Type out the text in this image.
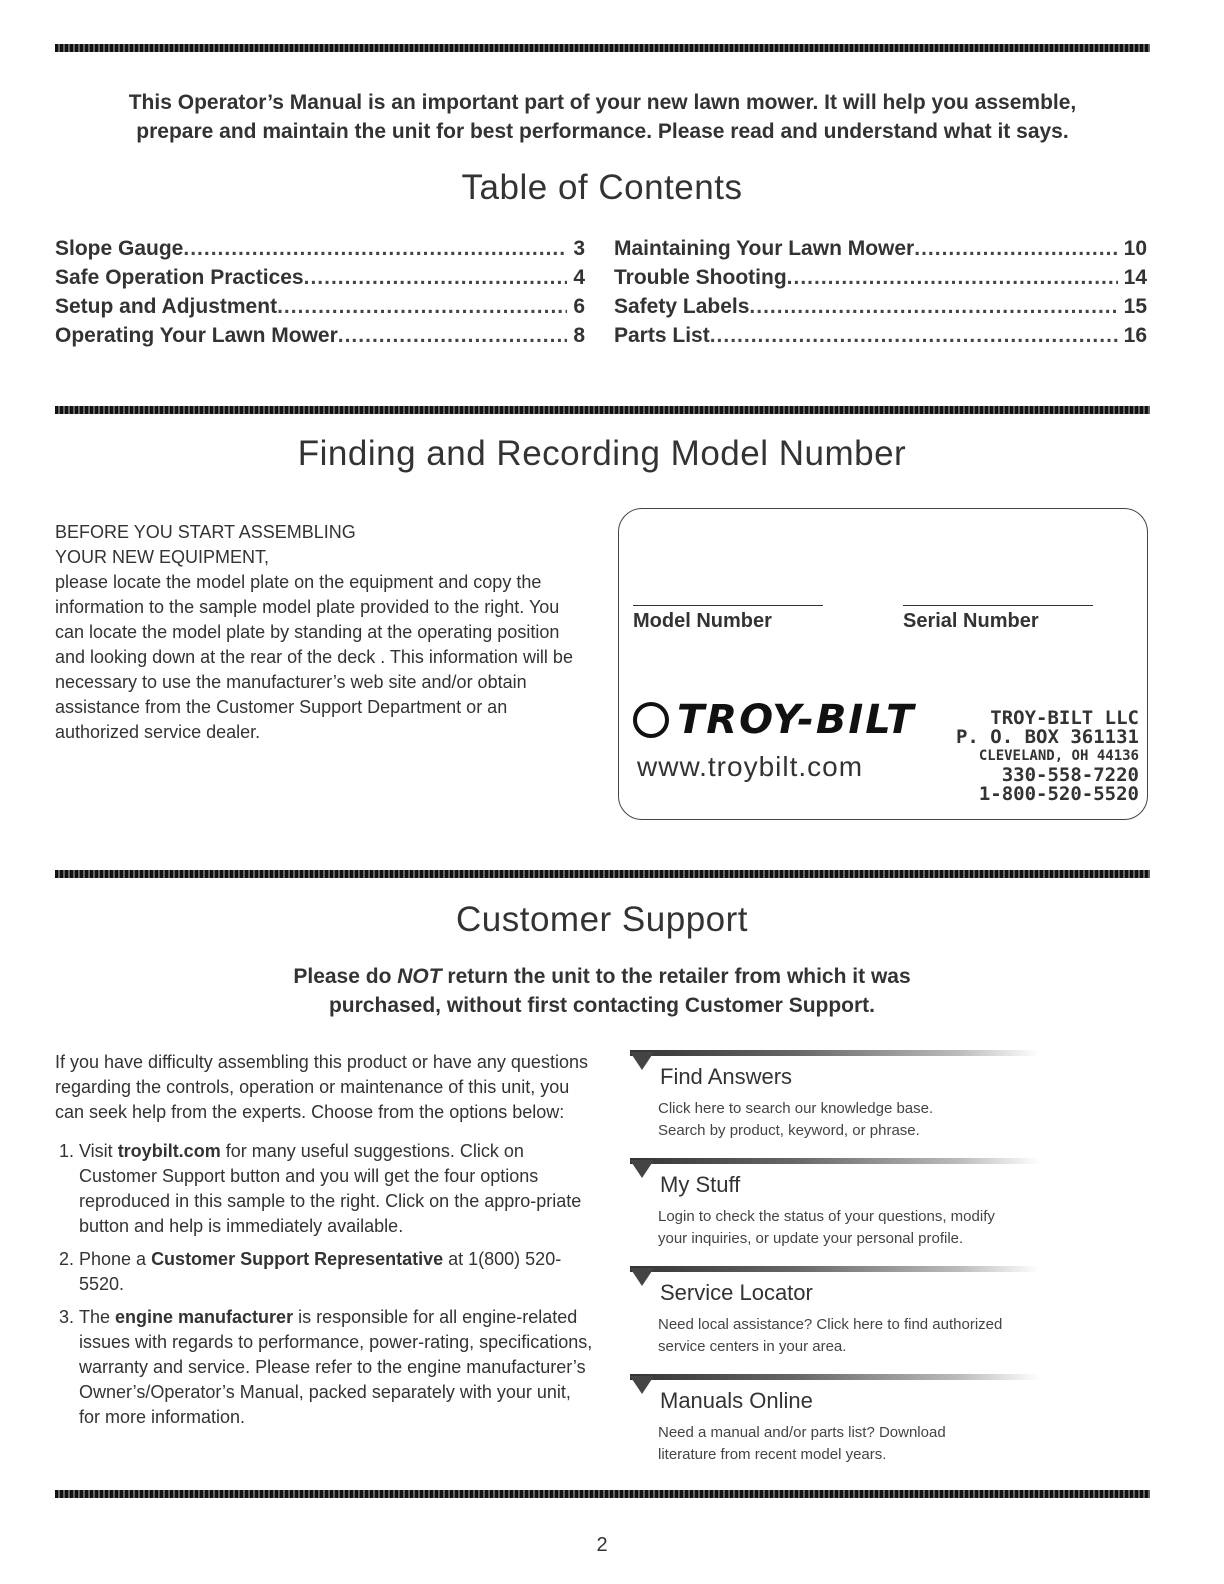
This Operator’s Manual is an important part of your new lawn mower. It will help you assemble,
prepare and maintain the unit for best performance. Please read and understand what it says.
Table of Contents
Slope Gauge .....	3
Safe Operation Practices .....	4
Setup and Adjustment .....	6
Operating Your Lawn Mower .....	8
Maintaining Your Lawn Mower .....	10
Trouble Shooting .....	14
Safety Labels .....	15
Parts List .....	16
Finding and Recording Model Number
BEFORE YOU START ASSEMBLING
YOUR NEW EQUIPMENT,
please locate the model plate on the equipment and copy the information to the sample model plate provided to the right. You can locate the model plate by standing at the operating position and looking down at the rear of the deck . This information will be necessary to use the manufacturer’s web site and/or obtain assistance from the Customer Support Department or an authorized service dealer.
Model Number	Serial Number
TROY-BILT
www.troybilt.com
TROY-BILT LLC
P. O. BOX 361131
CLEVELAND, OH 44136
330-558-7220
1-800-520-5520
Customer Support
Please do NOT return the unit to the retailer from which it was
purchased, without first contacting Customer Support.

If you have difficulty assembling this product or have any questions regarding the controls, operation or maintenance of this unit, you can seek help from the experts. Choose from the options below:

1. Visit troybilt.com for many useful suggestions. Click on Customer Support button and you will get the four options reproduced in this sample to the right. Click on the appro-priate button and help is immediately available.
2. Phone a Customer Support Representative at 1(800) 520-5520.
3. The engine manufacturer is responsible for all engine-related issues with regards to performance, power-rating, specifications, warranty and service. Please refer to the engine manufacturer’s Owner’s/Operator’s Manual, packed separately with your unit, for more information.
Find Answers
Click here to search our knowledge base.
Search by product, keyword, or phrase.
My Stuff
Login to check the status of your questions, modify
your inquiries, or update your personal profile.
Service Locator
Need local assistance? Click here to find authorized
service centers in your area.
Manuals Online
Need a manual and/or parts list? Download
literature from recent model years.
2
